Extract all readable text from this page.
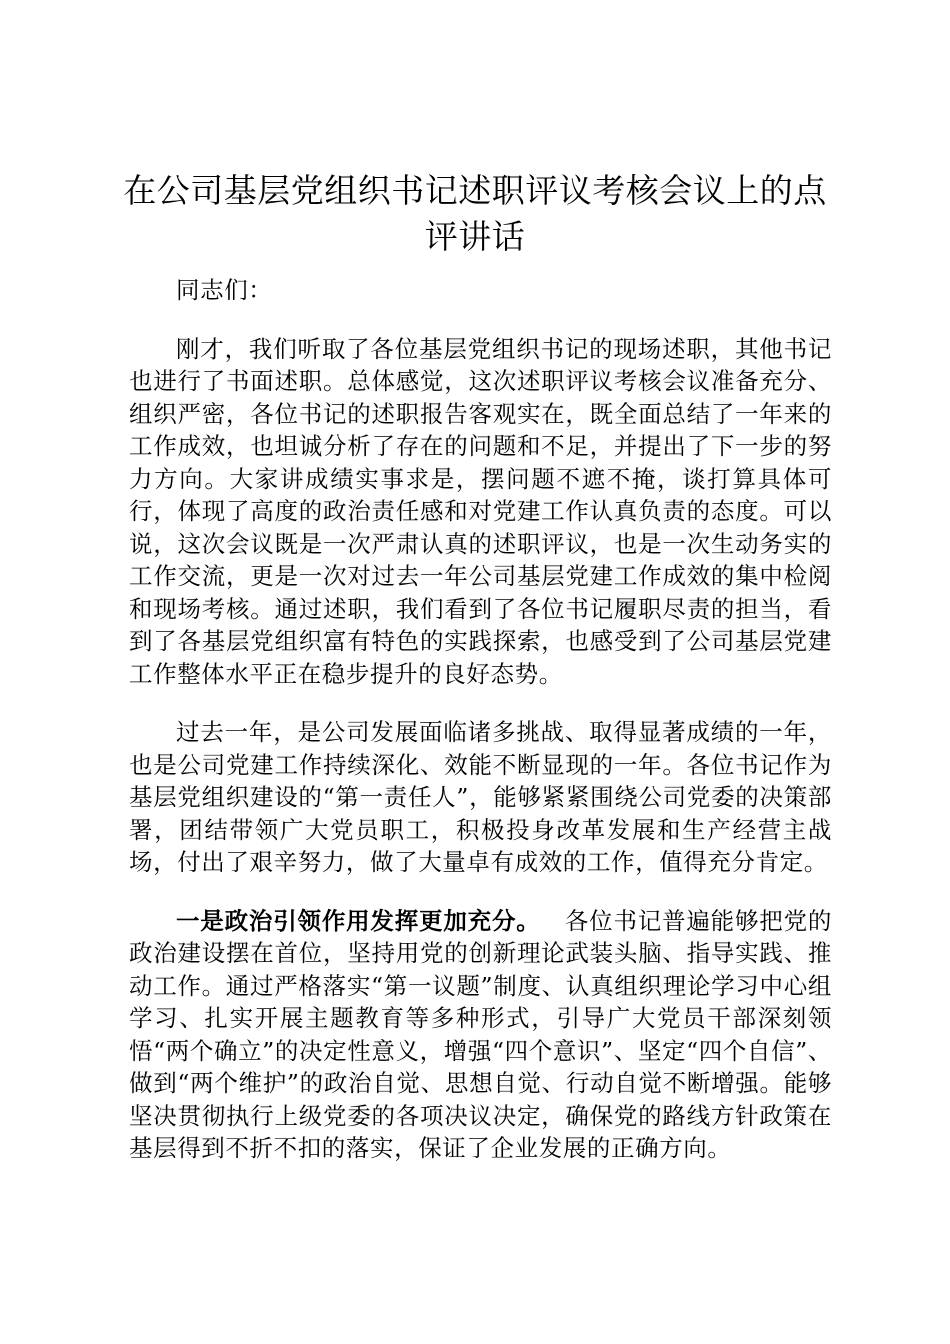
在公司基层党组织书记述职评议考核会议上的点评讲话

同志们：

刚才，我们听取了各位基层党组织书记的现场述职，其他书记也进行了书面述职。总体感觉，这次述职评议考核会议准备充分、组织严密，各位书记的述职报告客观实在，既全面总结了一年来的工作成效，也坦诚分析了存在的问题和不足，并提出了下一步的努力方向。大家讲成绩实事求是，摆问题不遮不掩，谈打算具体可行，体现了高度的政治责任感和对党建工作认真负责的态度。可以说，这次会议既是一次严肃认真的述职评议，也是一次生动务实的工作交流，更是一次对过去一年公司基层党建工作成效的集中检阅和现场考核。通过述职，我们看到了各位书记履职尽责的担当，看到了各基层党组织富有特色的实践探索，也感受到了公司基层党建工作整体水平正在稳步提升的良好态势。

过去一年，是公司发展面临诸多挑战、取得显著成绩的一年，也是公司党建工作持续深化、效能不断显现的一年。各位书记作为基层党组织建设的“第一责任人”，能够紧紧围绕公司党委的决策部署，团结带领广大党员职工，积极投身改革发展和生产经营主战场，付出了艰辛努力，做了大量卓有成效的工作，值得充分肯定。

一是政治引领作用发挥更加充分。  各位书记普遍能够把党的政治建设摆在首位，坚持用党的创新理论武装头脑、指导实践、推动工作。通过严格落实“第一议题”制度、认真组织理论学习中心组学习、扎实开展主题教育等多种形式，引导广大党员干部深刻领悟“两个确立”的决定性意义，增强“四个意识”、坚定“四个自信”、做到“两个维护”的政治自觉、思想自觉、行动自觉不断增强。能够坚决贯彻执行上级党委的各项决议决定，确保党的路线方针政策在基层得到不折不扣的落实，保证了企业发展的正确方向。
